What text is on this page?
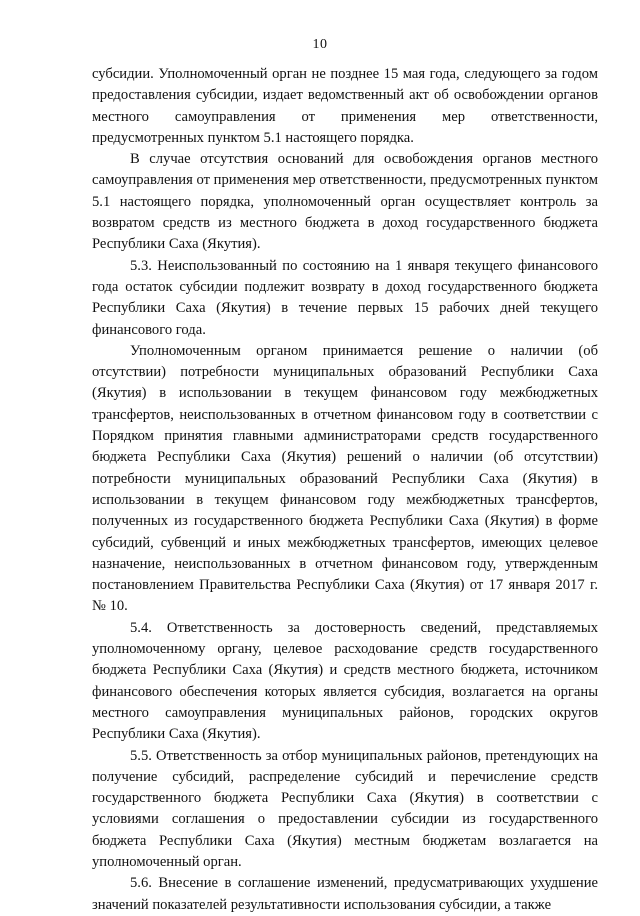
10

субсидии. Уполномоченный орган не позднее 15 мая года, следующего за годом предоставления субсидии, издает ведомственный акт об освобождении органов местного самоуправления от применения мер ответственности, предусмотренных пунктом 5.1 настоящего порядка.

В случае отсутствия оснований для освобождения органов местного самоуправления от применения мер ответственности, предусмотренных пунктом 5.1 настоящего порядка, уполномоченный орган осуществляет контроль за возвратом средств из местного бюджета в доход государственного бюджета Республики Саха (Якутия).

5.3. Неиспользованный по состоянию на 1 января текущего финансового года остаток субсидии подлежит возврату в доход государственного бюджета Республики Саха (Якутия) в течение первых 15 рабочих дней текущего финансового года.

Уполномоченным органом принимается решение о наличии (об отсутствии) потребности муниципальных образований Республики Саха (Якутия) в использовании в текущем финансовом году межбюджетных трансфертов, неиспользованных в отчетном финансовом году в соответствии с Порядком принятия главными администраторами средств государственного бюджета Республики Саха (Якутия) решений о наличии (об отсутствии) потребности муниципальных образований Республики Саха (Якутия) в использовании в текущем финансовом году межбюджетных трансфертов, полученных из государственного бюджета Республики Саха (Якутия) в форме субсидий, субвенций и иных межбюджетных трансфертов, имеющих целевое назначение, неиспользованных в отчетном финансовом году, утвержденным постановлением Правительства Республики Саха (Якутия) от 17 января 2017 г. № 10.

5.4. Ответственность за достоверность сведений, представляемых уполномоченному органу, целевое расходование средств государственного бюджета Республики Саха (Якутия) и средств местного бюджета, источником финансового обеспечения которых является субсидия, возлагается на органы местного самоуправления муниципальных районов, городских округов Республики Саха (Якутия).

5.5. Ответственность за отбор муниципальных районов, претендующих на получение субсидий, распределение субсидий и перечисление средств государственного бюджета Республики Саха (Якутия) в соответствии с условиями соглашения о предоставлении субсидии из государственного бюджета Республики Саха (Якутия) местным бюджетам возлагается на уполномоченный орган.

5.6. Внесение в соглашение изменений, предусматривающих ухудшение значений показателей результативности использования субсидии, а также
